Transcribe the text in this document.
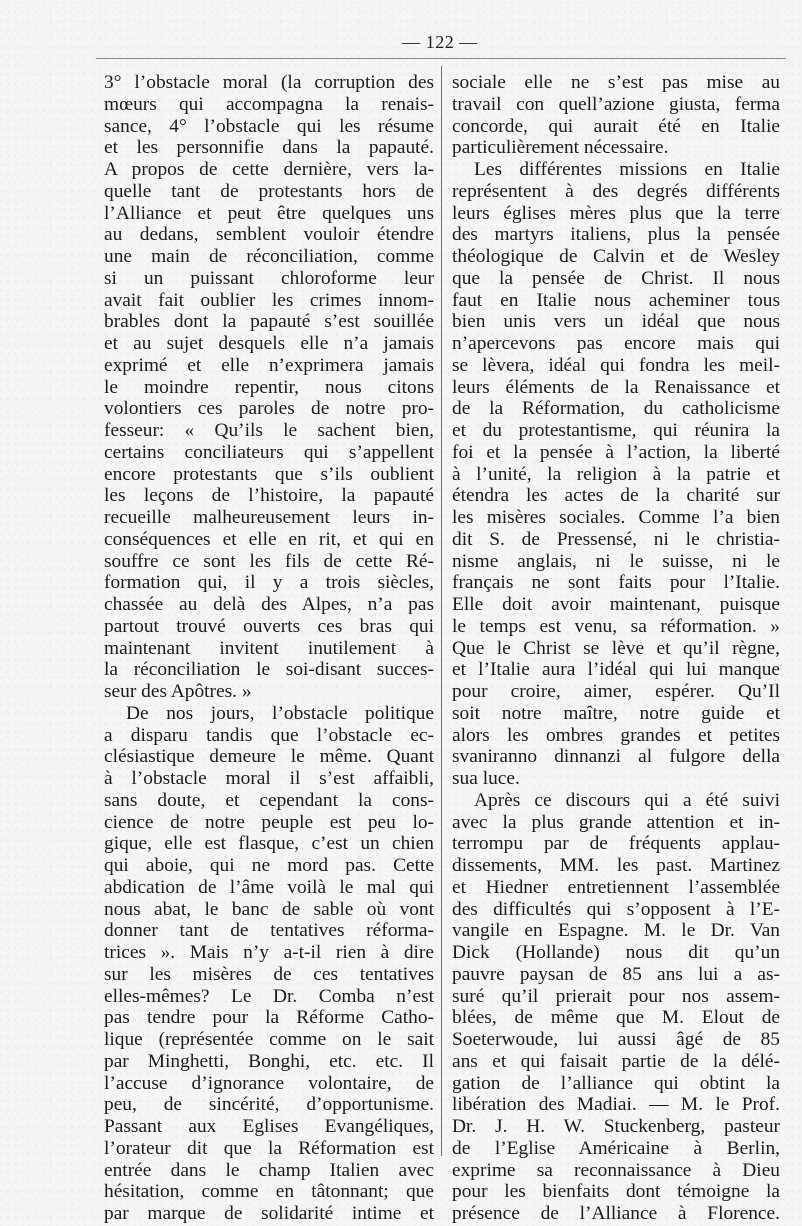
— 122 —
3° l’obstacle moral (la corruption des
mœurs qui accompagna la renais-
sance, 4° l’obstacle qui les résume
et les personnifie dans la papauté.
A propos de cette dernière, vers la-
quelle tant de protestants hors de
l’Alliance et peut être quelques uns
au dedans, semblent vouloir étendre
une main de réconciliation, comme
si un puissant chloroforme leur
avait fait oublier les crimes innom-
brables dont la papauté s’est souillée
et au sujet desquels elle n’a jamais
exprimé et elle n’exprimera jamais
le moindre repentir, nous citons
volontiers ces paroles de notre pro-
fesseur: « Qu’ils le sachent bien,
certains conciliateurs qui s’appellent
encore protestants que s’ils oublient
les leçons de l’histoire, la papauté
recueille malheureusement leurs in-
conséquences et elle en rit, et qui en
souffre ce sont les fils de cette Ré-
formation qui, il y a trois siècles,
chassée au delà des Alpes, n’a pas
partout trouvé ouverts ces bras qui
maintenant invitent inutilement à
la réconciliation le soi-disant succes-
seur des Apôtres. »
De nos jours, l’obstacle politique
a disparu tandis que l’obstacle ec-
clésiastique demeure le même. Quant
à l’obstacle moral il s’est affaibli,
sans doute, et cependant la cons-
cience de notre peuple est peu lo-
gique, elle est flasque, c’est un chien
qui aboie, qui ne mord pas. Cette
abdication de l’âme voilà le mal qui
nous abat, le banc de sable où vont
donner tant de tentatives réforma-
trices ». Mais n’y a-t-il rien à dire
sur les misères de ces tentatives
elles-mêmes? Le Dr. Comba n’est
pas tendre pour la Réforme Catho-
lique (représentée comme on le sait
par Minghetti, Bonghi, etc. etc. Il
l’accuse d’ignorance volontaire, de
peu, de sincérité, d’opportunisme.
Passant aux Eglises Evangéliques,
l’orateur dit que la Réformation est
entrée dans le champ Italien avec
hésitation, comme en tâtonnant; que
par marque de solidarité intime et
sociale elle ne s’est pas mise au
travail con quell’azione giusta, ferma
concorde, qui aurait été en Italie
particulièrement nécessaire.
Les différentes missions en Italie
représentent à des degrés différents
leurs églises mères plus que la terre
des martyrs italiens, plus la pensée
théologique de Calvin et de Wesley
que la pensée de Christ. Il nous
faut en Italie nous acheminer tous
bien unis vers un idéal que nous
n’apercevons pas encore mais qui
se lèvera, idéal qui fondra les meil-
leurs éléments de la Renaissance et
de la Réformation, du catholicisme
et du protestantisme, qui réunira la
foi et la pensée à l’action, la liberté
à l’unité, la religion à la patrie et
étendra les actes de la charité sur
les misères sociales. Comme l’a bien
dit S. de Pressensé, ni le christia-
nisme anglais, ni le suisse, ni le
français ne sont faits pour l’Italie.
Elle doit avoir maintenant, puisque
le temps est venu, sa réformation. »
Que le Christ se lève et qu’il règne,
et l’Italie aura l’idéal qui lui manque
pour croire, aimer, espérer. Qu’Il
soit notre maître, notre guide et
alors les ombres grandes et petites
svaniranno dinnanzi al fulgore della
sua luce.
Après ce discours qui a été suivi
avec la plus grande attention et in-
terrompu par de fréquents applau-
dissements, MM. les past. Martinez
et Hiedner entretiennent l’assemblée
des difficultés qui s’opposent à l’E-
vangile en Espagne. M. le Dr. Van
Dick (Hollande) nous dit qu’un
pauvre paysan de 85 ans lui a as-
suré qu’il prierait pour nos assem-
blées, de même que M. Elout de
Soeterwoude, lui aussi âgé de 85
ans et qui faisait partie de la délé-
gation de l’alliance qui obtint la
libération des Madiai. — M. le Prof.
Dr. J. H. W. Stuckenberg, pasteur
de l’Eglise Américaine à Berlin,
exprime sa reconnaissance à Dieu
pour les bienfaits dont témoigne la
présence de l’Alliance à Florence.
